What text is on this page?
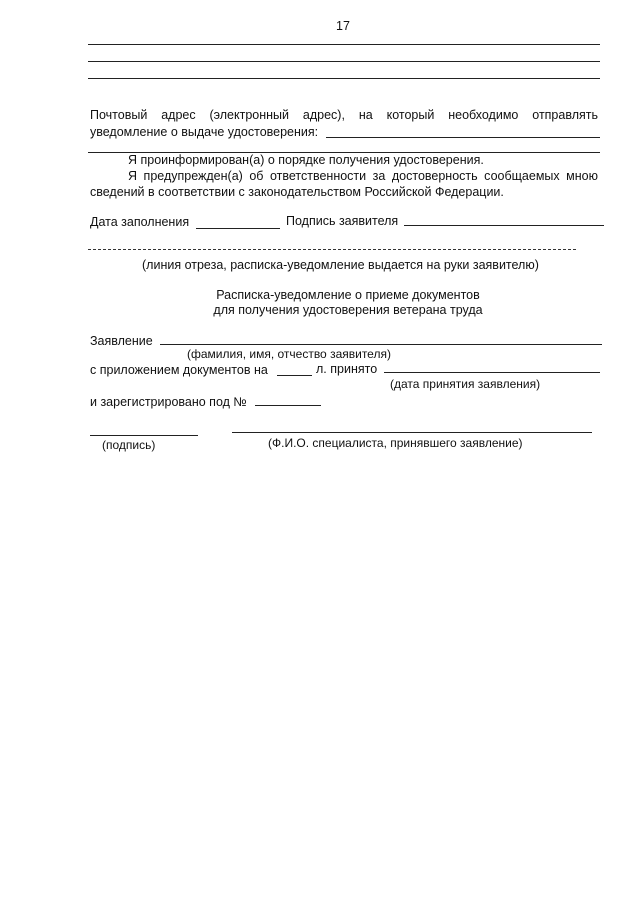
17
Почтовый адрес (электронный адрес), на который необходимо отправлять
уведомление о выдаче удостоверения:
Я проинформирован(а) о порядке получения удостоверения.
Я предупрежден(а) об ответственности за достоверность сообщаемых мною
сведений в соответствии с законодательством Российской Федерации.
Дата заполнения	Подпись заявителя
(линия отреза, расписка-уведомление выдается на руки заявителю)
Расписка-уведомление о приеме документов
для получения удостоверения ветерана труда
Заявление
(фамилия, имя, отчество заявителя)
с приложением документов на	л. принято
(дата принятия заявления)
и зарегистрировано под №
(подпись)	(Ф.И.О. специалиста, принявшего заявление)
